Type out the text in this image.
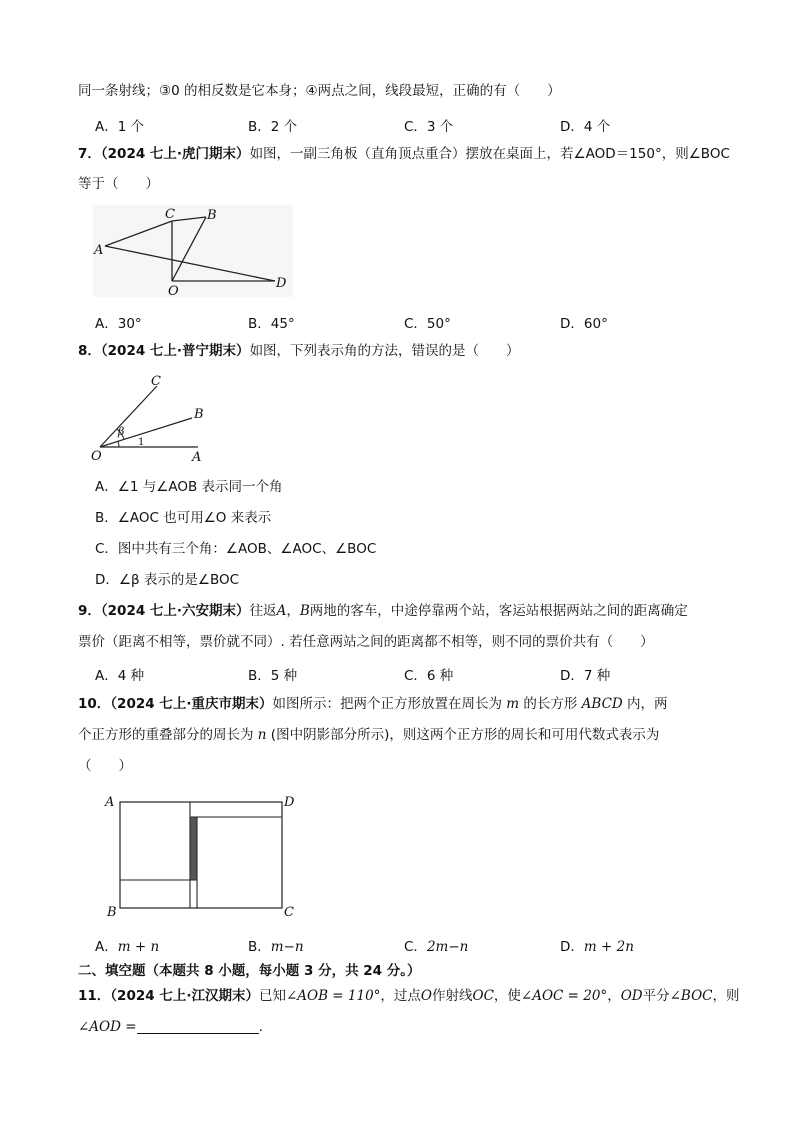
同一条射线；③0 的相反数是它本身；④两点之间，线段最短，正确的有（　　）
A．1 个	B．2 个	C．3 个	D．4 个
7．（2024 七上·虎门期末）如图，一副三角板（直角顶点重合）摆放在桌面上，若∠AOD＝150°，则∠BOC
等于（　　）
A
C B
D
O
A．30°	B．45°	C．50°	D．60°
8．（2024 七上·普宁期末）如图，下列表示角的方法，错误的是（　　）
C
B
O	A
β
1
A．∠1 与∠AOB 表示同一个角
B．∠AOC 也可用∠O 来表示
C．图中共有三个角：∠AOB、∠AOC、∠BOC
D．∠β 表示的是∠BOC
9．（2024 七上·六安期末）往返A，B两地的客车，中途停靠两个站，客运站根据两站之间的距离确定
票价（距离不相等，票价就不同）. 若任意两站之间的距离都不相等，则不同的票价共有（　　）
A．4 种	B．5 种	C．6 种	D．7 种
10．（2024 七上·重庆市期末）如图所示：把两个正方形放置在周长为 m 的长方形 ABCD 内，两
个正方形的重叠部分的周长为 n (图中阴影部分所示)，则这两个正方形的周长和可用代数式表示为
（　　）
A	D
B	C
A．m + n	B．m−n	C．2m−n	D．m + 2n
二、填空题（本题共 8 小题，每小题 3 分，共 24 分。）
11．（2024 七上·江汉期末）已知∠AOB = 110°，过点O作射线OC，使∠AOC = 20°，OD平分∠BOC，则
∠AOD =	.
